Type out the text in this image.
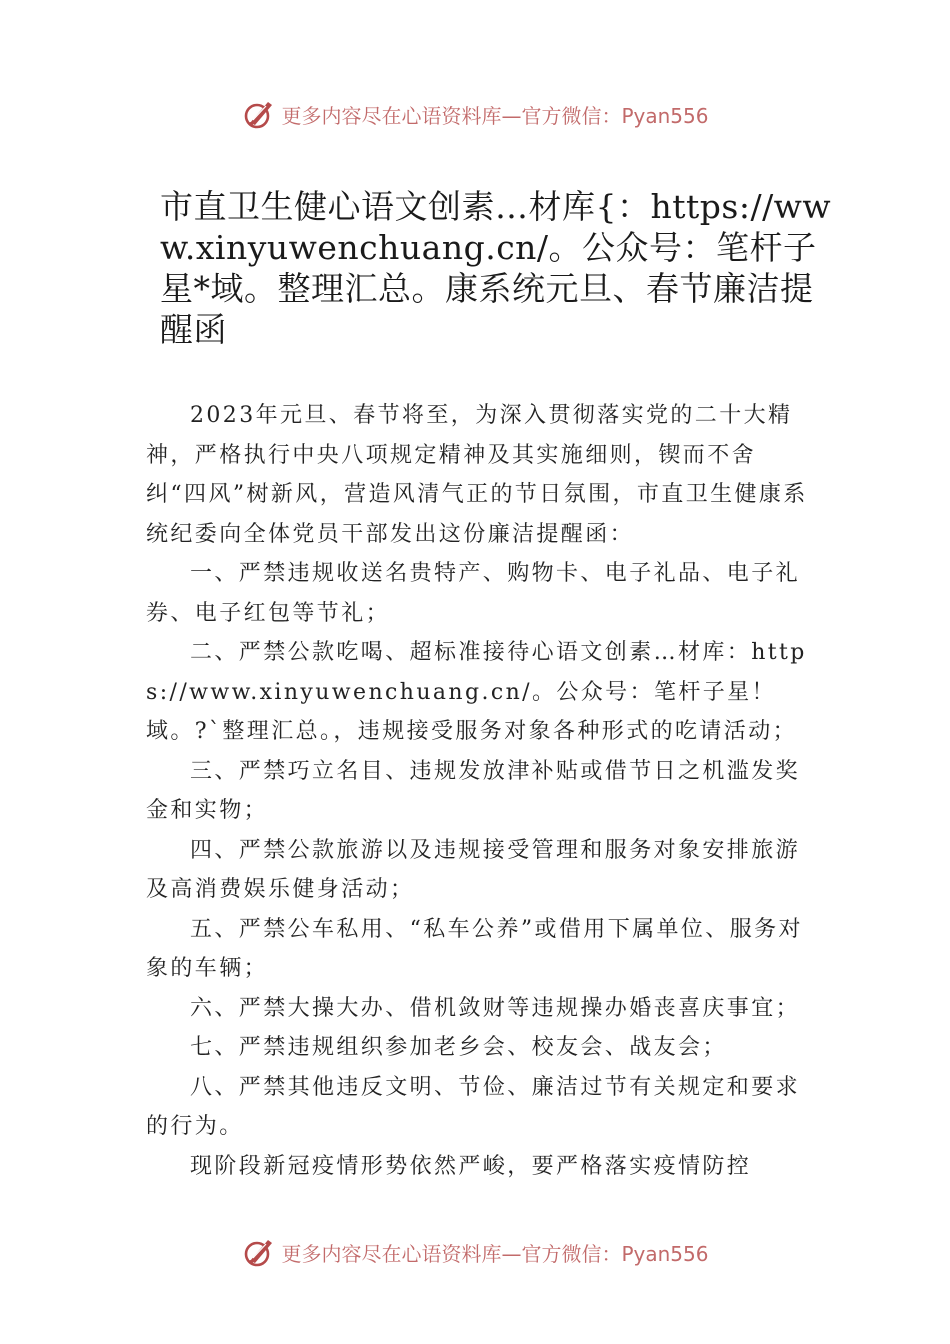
更多内容尽在心语资料库—官方微信：Pyan556
市直卫生健心语文创素…材库{：https://www.xinyuwenchuang.cn/。公众号：笔杆子星*域。整理汇总。康系统元旦、春节廉洁提醒函

2023年元旦、春节将至，为深入贯彻落实党的二十大精神，严格执行中央八项规定精神及其实施细则，锲而不舍纠“四风”树新风，营造风清气正的节日氛围，市直卫生健康系统纪委向全体党员干部发出这份廉洁提醒函：

一、严禁违规收送名贵特产、购物卡、电子礼品、电子礼券、电子红包等节礼；

二、严禁公款吃喝、超标准接待心语文创素…材库：https://www.xinyuwenchuang.cn/。公众号：笔杆子星！域。?`整理汇总。，违规接受服务对象各种形式的吃请活动；

三、严禁巧立名目、违规发放津补贴或借节日之机滥发奖金和实物；

四、严禁公款旅游以及违规接受管理和服务对象安排旅游及高消费娱乐健身活动；

五、严禁公车私用、“私车公养”或借用下属单位、服务对象的车辆；

六、严禁大操大办、借机敛财等违规操办婚丧喜庆事宜；

七、严禁违规组织参加老乡会、校友会、战友会；

八、严禁其他违反文明、节俭、廉洁过节有关规定和要求的行为。

现阶段新冠疫情形势依然严峻，要严格落实疫情防控

更多内容尽在心语资料库—官方微信：Pyan556
